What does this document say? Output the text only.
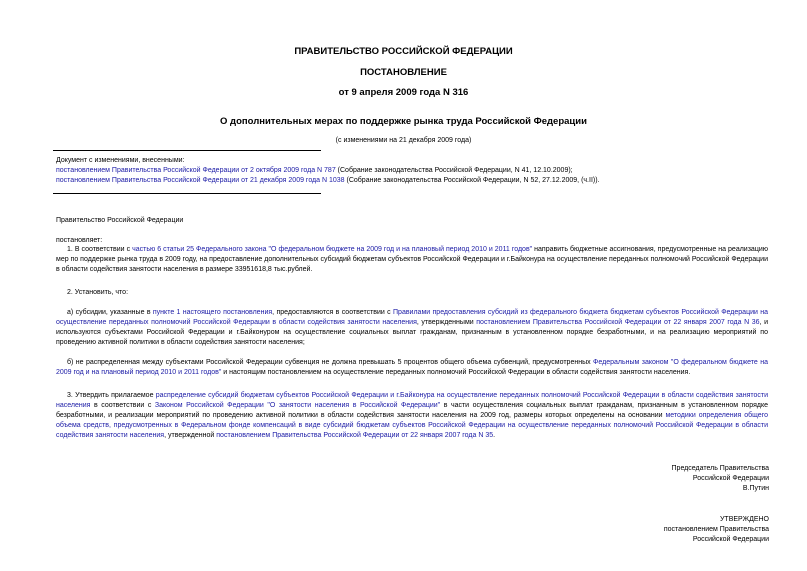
ПРАВИТЕЛЬСТВО РОССИЙСКОЙ ФЕДЕРАЦИИ
ПОСТАНОВЛЕНИЕ
от 9 апреля 2009 года N 316
О дополнительных мерах по поддержке рынка труда Российской Федерации
(с изменениями на 21 декабря 2009 года)
Документ с изменениями, внесенными:
постановлением Правительства Российской Федерации от 2 октября 2009 года N 787 (Собрание законодательства Российской Федерации, N 41, 12.10.2009);
постановлением Правительства Российской Федерации от 21 декабря 2009 года N 1038 (Собрание законодательства Российской Федерации, N 52, 27.12.2009, (ч.II)).
Правительство Российской Федерации
постановляет:
1. В соответствии с частью 6 статьи 25 Федерального закона "О федеральном бюджете на 2009 год и на плановый период 2010 и 2011 годов" направить бюджетные ассигнования, предусмотренные на реализацию мер по поддержке рынка труда в 2009 году, на предоставление дополнительных субсидий бюджетам субъектов Российской Федерации и г.Байконура на осуществление переданных полномочий Российской Федерации в области содействия занятости населения в размере 33951618,8 тыс.рублей.
2. Установить, что:
а) субсидии, указанные в пункте 1 настоящего постановления, предоставляются в соответствии с Правилами предоставления субсидий из федерального бюджета бюджетам субъектов Российской Федерации на осуществление переданных полномочий Российской Федерации в области содействия занятости населения, утвержденными постановлением Правительства Российской Федерации от 22 января 2007 года N 36, и используются субъектами Российской Федерации и г.Байконуром на осуществление социальных выплат гражданам, признанным в установленном порядке безработными, и на реализацию мероприятий по проведению активной политики в области содействия занятости населения;
б) не распределенная между субъектами Российской Федерации субвенция не должна превышать 5 процентов общего объема субвенций, предусмотренных Федеральным законом "О федеральном бюджете на 2009 год и на плановый период 2010 и 2011 годов" и настоящим постановлением на осуществление переданных полномочий Российской Федерации в области содействия занятости населения.
3. Утвердить прилагаемое распределение субсидий бюджетам субъектов Российской Федерации и г.Байконура на осуществление переданных полномочий Российской Федерации в области содействия занятости населения в соответствии с Законом Российской Федерации "О занятости населения в Российской Федерации" в части осуществления социальных выплат гражданам, признанным в установленном порядке безработными, и реализации мероприятий по проведению активной политики в области содействия занятости населения на 2009 год, размеры которых определены на основании методики определения общего объема средств, предусмотренных в Федеральном фонде компенсаций в виде субсидий бюджетам субъектов Российской Федерации на осуществление переданных полномочий Российской Федерации в области содействия занятости населения, утвержденной постановлением Правительства Российской Федерации от 22 января 2007 года N 35.
Председатель Правительства
Российской Федерации
В.Путин
УТВЕРЖДЕНО
постановлением Правительства
Российской Федерации
